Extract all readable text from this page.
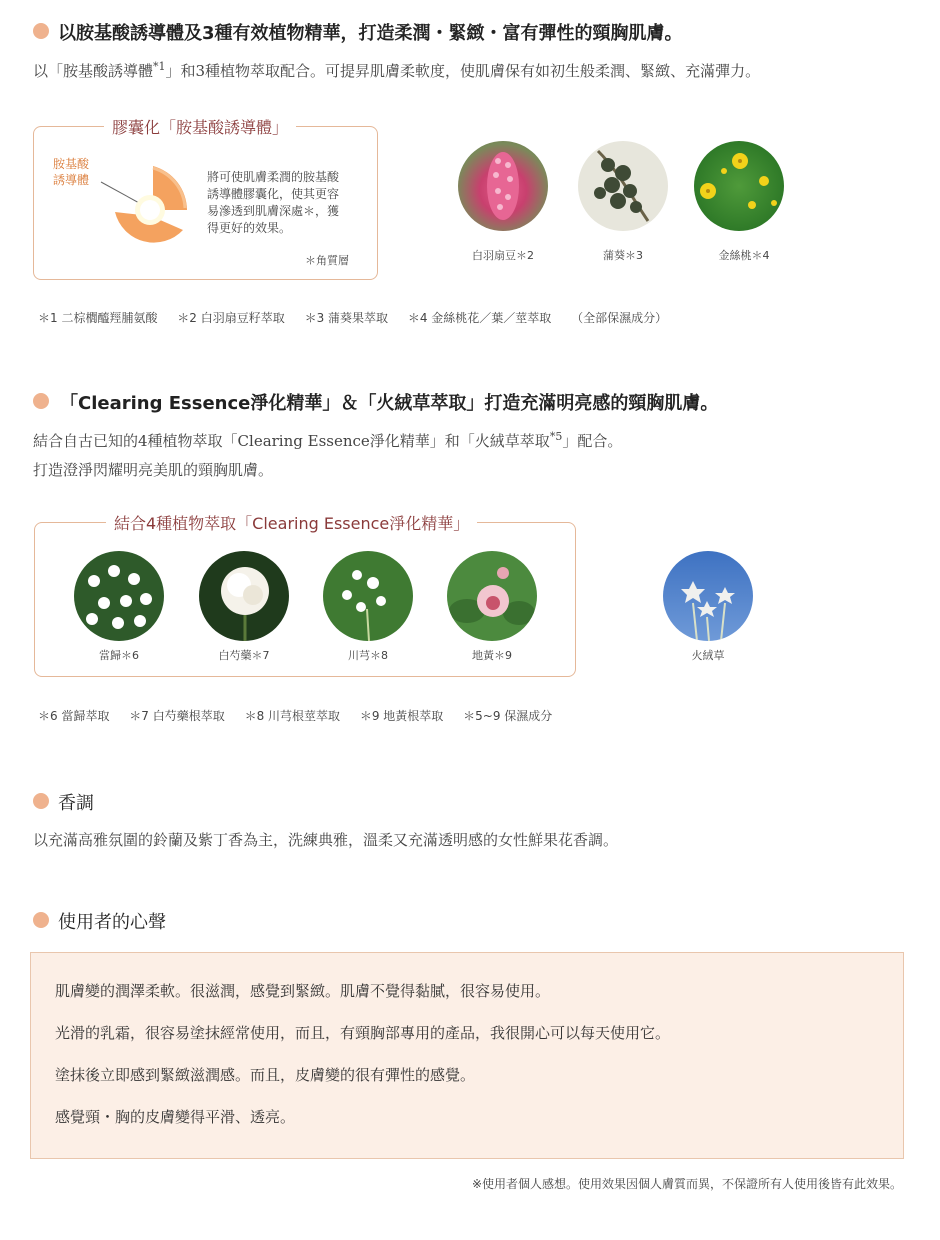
以胺基酸誘導體及3種有效植物精華，打造柔潤・緊緻・富有彈性的頸胸肌膚。
以「胺基酸誘導體$^{*1}$」和3種植物萃取配合。可提昇肌膚柔軟度，使肌膚保有如初生般柔潤、緊緻、充滿彈力。
膠囊化「胺基酸誘導體」
胺基酸
誘導體	將可使肌膚柔潤的胺基酸
誘導體膠囊化，使其更容
易滲透到肌膚深處＊，獲
得更好的效果。
＊角質層	白羽扇豆＊2	蒲葵＊3	金絲桃＊4
＊1 二棕櫚醯羥脯氨酸 ＊2 白羽扇豆籽萃取 ＊3 蒲葵果萃取 ＊4 金絲桃花／葉／莖萃取 （全部保濕成分）
「Clearing Essence淨化精華」＆「火絨草萃取」打造充滿明亮感的頸胸肌膚。
結合自古已知的4種植物萃取「Clearing Essence淨化精華」和「火絨草萃取$^{*5}$」配合。
打造澄淨閃耀明亮美肌的頸胸肌膚。
結合4種植物萃取「Clearing Essence淨化精華」
當歸＊6	白芍藥＊7	川芎＊8	地黃＊9	火絨草
＊6 當歸萃取 ＊7 白芍藥根萃取 ＊8 川芎根莖萃取 ＊9 地黃根萃取 ＊5~9 保濕成分
香調
以充滿高雅氛圍的鈴蘭及紫丁香為主，洗練典雅，溫柔又充滿透明感的女性鮮果花香調。
使用者的心聲
肌膚變的潤澤柔軟。很滋潤，感覺到緊緻。肌膚不覺得黏膩，很容易使用。
光滑的乳霜，很容易塗抹經常使用，而且，有頸胸部專用的產品，我很開心可以每天使用它。
塗抹後立即感到緊緻滋潤感。而且，皮膚變的很有彈性的感覺。
感覺頸・胸的皮膚變得平滑、透亮。
※使用者個人感想。使用效果因個人膚質而異，不保證所有人使用後皆有此效果。
